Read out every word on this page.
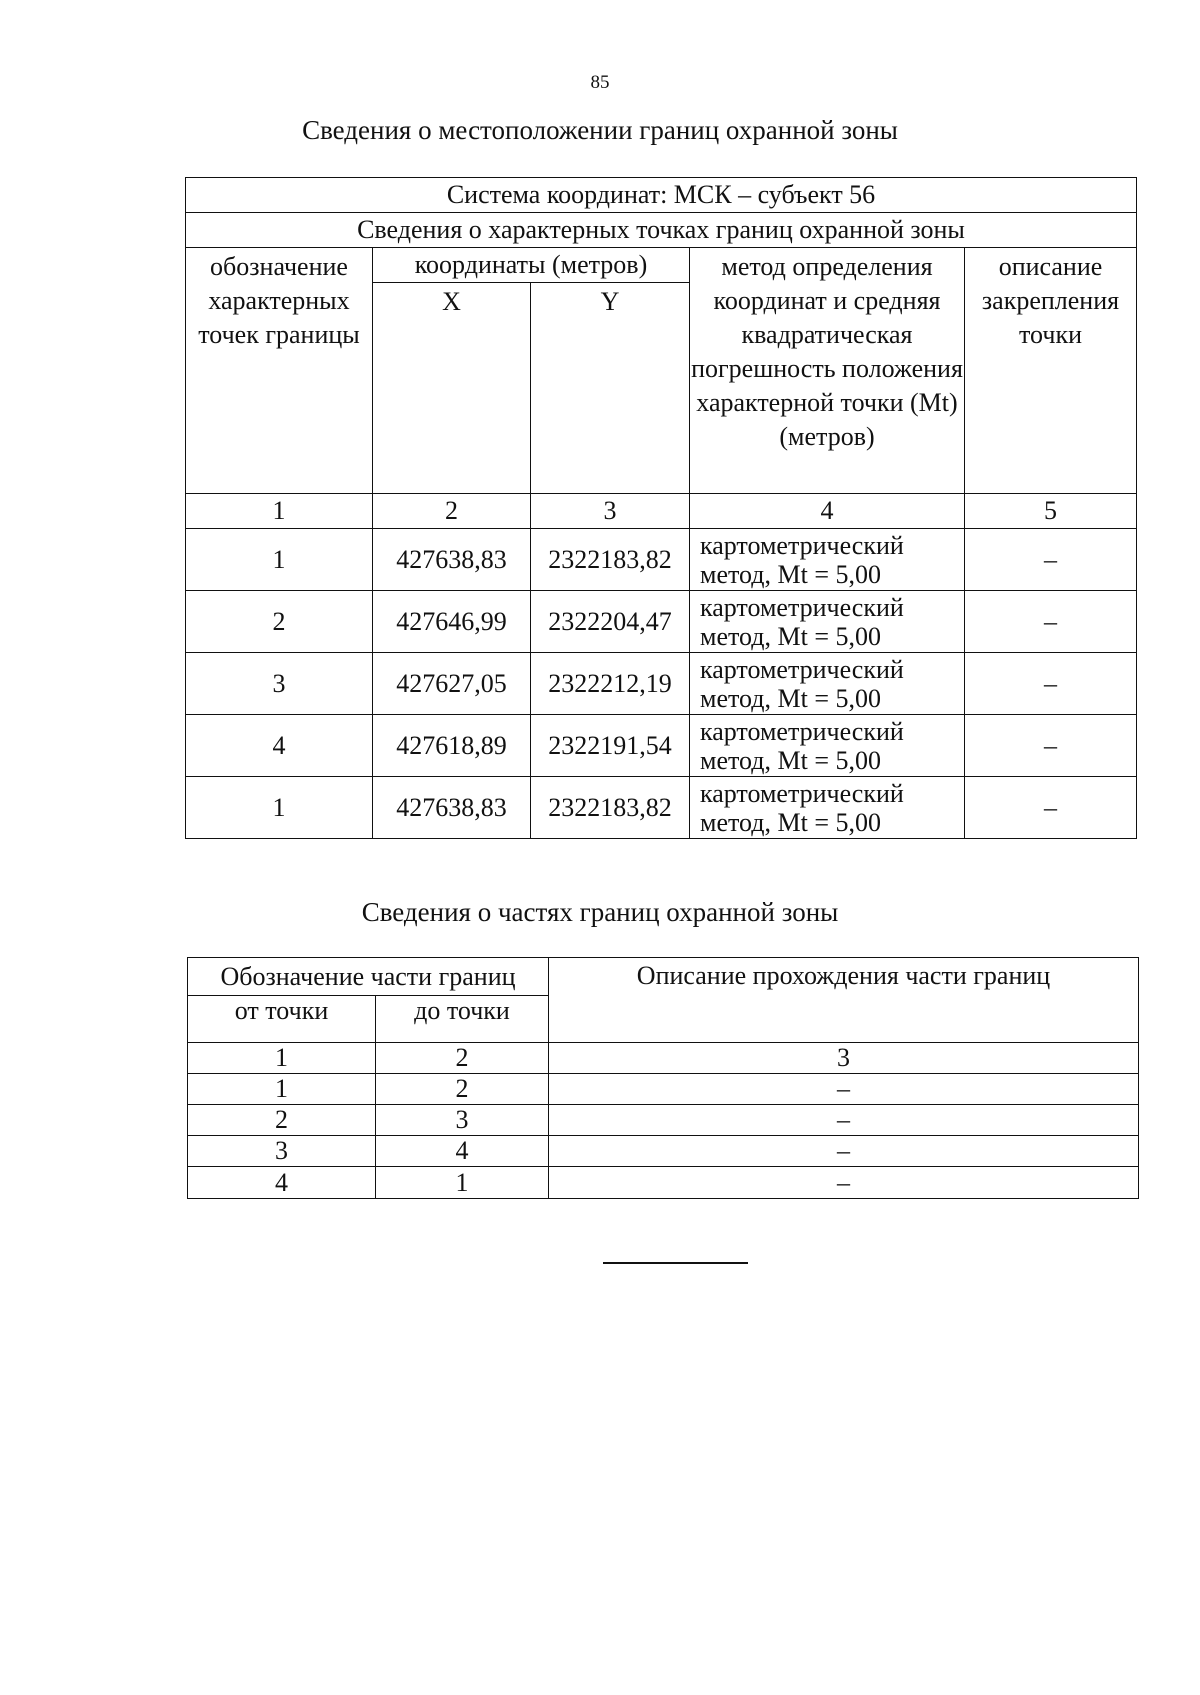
85
Сведения о местоположении границ охранной зоны
Система координат: МСК – субъект 56				
Сведения о характерных точках границ охранной зоны				
обозначение характерных точек границы	координаты (метров)		метод определения координат и средняя квадратическая погрешность положения характерной точки (Mt) (метров)	описание закрепления точки
	X	Y		
1	2	3	4	5
1	427638,83	2322183,82	картометрический метод, Mt = 5,00	–
2	427646,99	2322204,47	картометрический метод, Mt = 5,00	–
3	427627,05	2322212,19	картометрический метод, Mt = 5,00	–
4	427618,89	2322191,54	картометрический метод, Mt = 5,00	–
1	427638,83	2322183,82	картометрический метод, Mt = 5,00	–
Сведения о частях границ охранной зоны
Обозначение части границ		Описание прохождения части границ
от точки	до точки	
1	2	3
1	2	–
2	3	–
3	4	–
4	1	–
